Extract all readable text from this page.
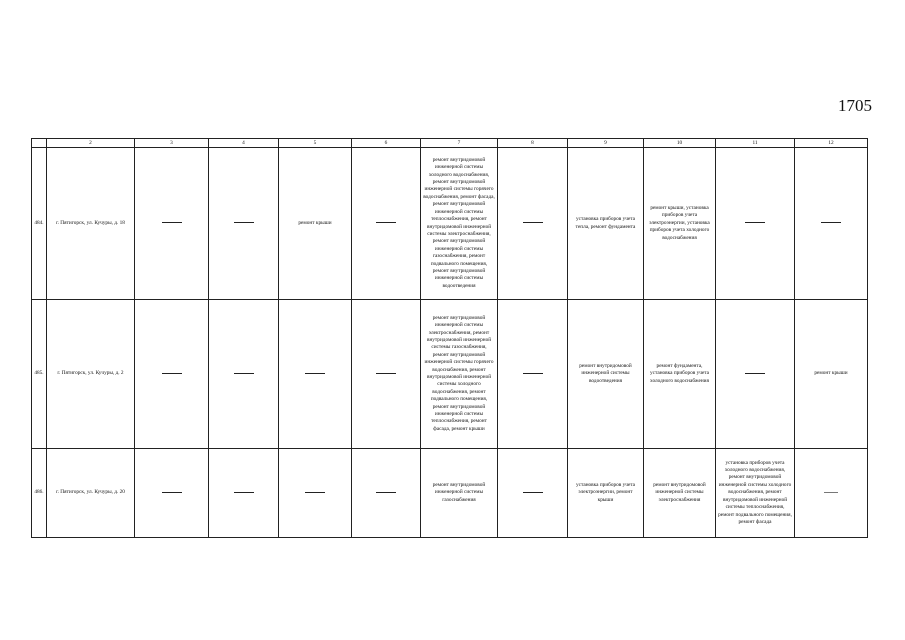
1705
	2	3	4	5	6	7	8	9	10	11	12
484.	г. Пятигорск, ул. Кучуры, д. 18			ремонт крыши		ремонт внутридомовой инженерной системы холодного водоснабжения, ремонт внутридомовой инженерной системы горячего водоснабжения, ремонт фасада, ремонт внутридомовой инженерной системы теплоснабжения, ремонт внутридомовой инженерной системы электроснабжения, ремонт внутридомовой инженерной системы газоснабжения, ремонт подвального помещения, ремонт внутридомовой инженерной системы водоотведения		установка приборов учета тепла, ремонт фундамента	ремонт крыши, установка приборов учета электроэнергии, установка приборов учета холодного водоснабжения		
485.	г. Пятигорск, ул. Кучуры, д. 2					ремонт внутридомовой инженерной системы электроснабжения, ремонт внутридомовой инженерной системы газоснабжения, ремонт внутридомовой инженерной системы горячего водоснабжения, ремонт внутридомовой инженерной системы холодного водоснабжения, ремонт подвального помещения, ремонт внутридомовой инженерной системы теплоснабжения, ремонт фасада, ремонт крыши		ремонт внутридомовой инженерной системы водоотведения	ремонт фундамента, установка приборов учета холодного водоснабжения		ремонт крыши
486.	г. Пятигорск, ул. Кучуры, д. 20					ремонт внутридомовой инженерной системы газоснабжения		установка приборов учета электроэнергии, ремонт крыши	ремонт внутридомовой инженерной системы электроснабжения	установка приборов учета холодного водоснабжения, ремонт внутридомовой инженерной системы холодного водоснабжения, ремонт внутридомовой инженерной системы теплоснабжения, ремонт подвального помещения, ремонт фасада	
